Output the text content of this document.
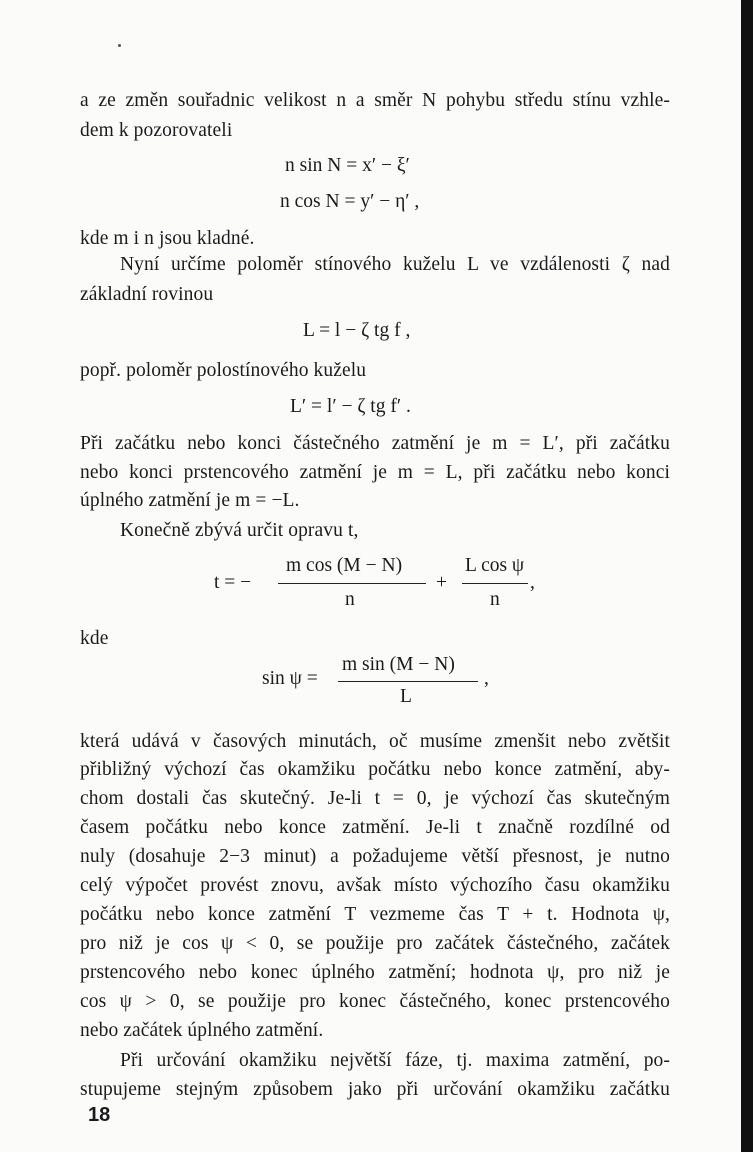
a ze změn souřadnic velikost n a směr N pohybu středu stínu vzhle-
dem k pozorovateli
n sin N = x′ − ξ′
n cos N = y′ − η′ ,
kde m i n jsou kladné.
Nyní určíme poloměr stínového kuželu L ve vzdálenosti ζ nad
základní rovinou
L = l − ζ tg f ,
popř. poloměr polostínového kuželu
L′ = l′ − ζ tg f′ .
Při začátku nebo konci částečného zatmění je m = L′, při začátku
nebo konci prstencového zatmění je m = L, při začátku nebo konci
úplného zatmění je m = −L.
Konečně zbývá určit opravu t,
t = −
m cos (M − N)
n
+
L cos ψ
n
,
kde
sin ψ =
m sin (M − N)
L
,
která udává v časových minutách, oč musíme zmenšit nebo zvětšit
přibližný výchozí čas okamžiku počátku nebo konce zatmění, aby-
chom dostali čas skutečný. Je-li t = 0, je výchozí čas skutečným
časem počátku nebo konce zatmění. Je-li t značně rozdílné od
nuly (dosahuje 2−3 minut) a požadujeme větší přesnost, je nutno
celý výpočet provést znovu, avšak místo výchozího času okamžiku
počátku nebo konce zatmění T vezmeme čas T + t. Hodnota ψ,
pro niž je cos ψ < 0, se použije pro začátek částečného, začátek
prstencového nebo konec úplného zatmění; hodnota ψ, pro niž je
cos ψ > 0, se použije pro konec částečného, konec prstencového
nebo začátek úplného zatmění.
Při určování okamžiku největší fáze, tj. maxima zatmění, po-
stupujeme stejným způsobem jako při určování okamžiku začátku
18
